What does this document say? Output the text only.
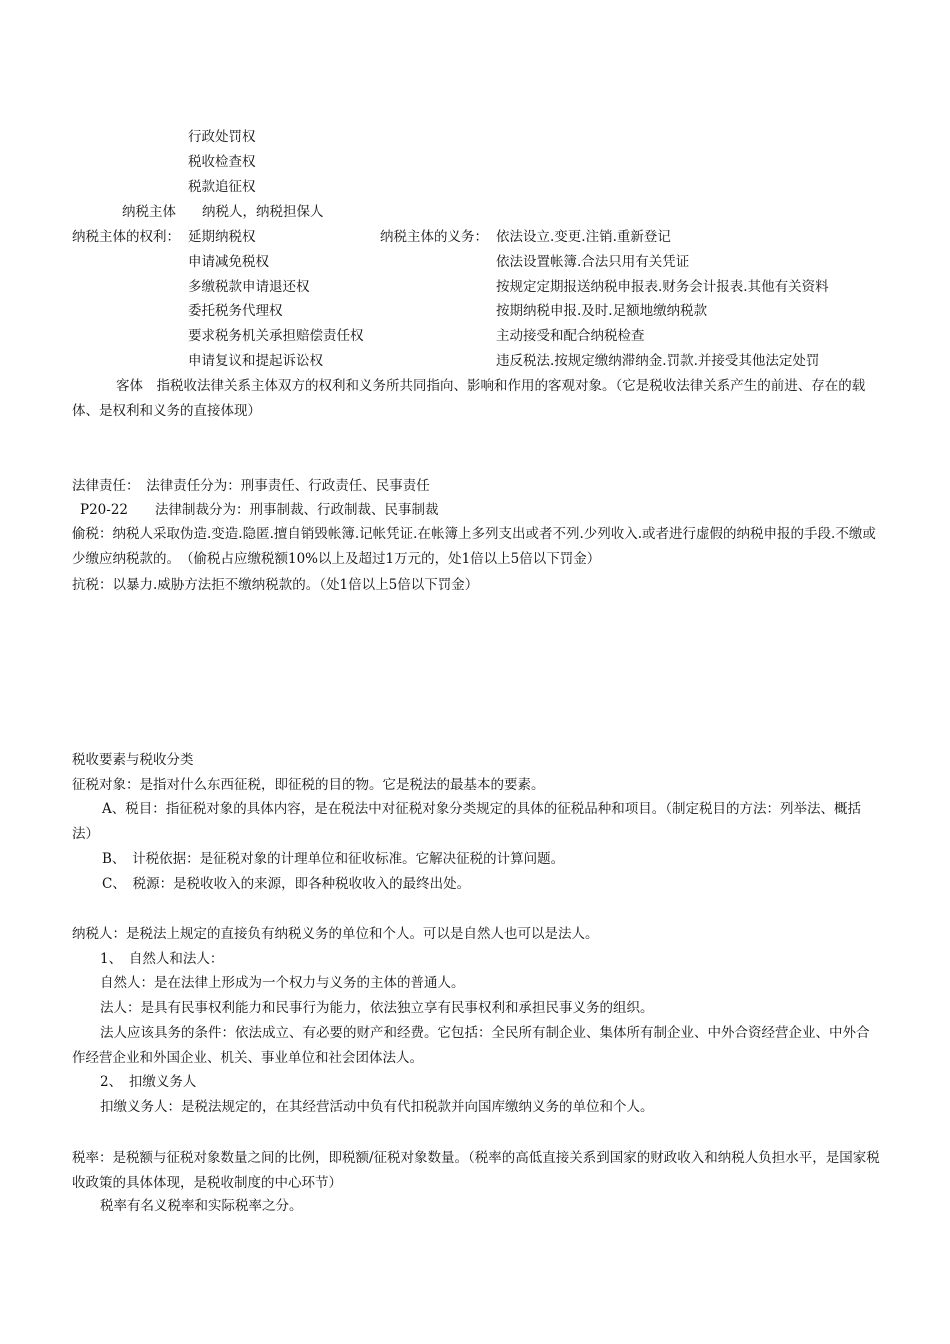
行政处罚权
税收检查权
税款追征权
纳税主体 纳税人，纳税担保人
纳税主体的权利： 延期纳税权
申请减免税权
多缴税款申请退还权
委托税务代理权
要求税务机关承担赔偿责任权
申请复议和提起诉讼权
纳税主体的义务： 依法设立.变更.注销.重新登记
依法设置帐簿.合法只用有关凭证
按规定定期报送纳税申报表.财务会计报表.其他有关资料
按期纳税申报.及时.足额地缴纳税款
主动接受和配合纳税检查
违反税法.按规定缴纳滞纳金.罚款.并接受其他法定处罚
客体　指税收法律关系主体双方的权利和义务所共同指向、影响和作用的客观对象。（它是税收法律关系产生的前进、存在的载体、是权利和义务的直接体现）
法律责任：　法律责任分为：刑事责任、行政责任、民事责任
P20-22　　法律制裁分为：刑事制裁、行政制裁、民事制裁
偷税：纳税人采取伪造.变造.隐匿.擅自销毁帐簿.记帐凭证.在帐簿上多列支出或者不列.少列收入.或者进行虚假的纳税申报的手段.不缴或少缴应纳税款的。　（偷税占应缴税额10%以上及超过1万元的，处1倍以上5倍以下罚金）
抗税：以暴力.威胁方法拒不缴纳税款的。（处1倍以上5倍以下罚金）
税收要素与税收分类
征税对象：是指对什么东西征税，即征税的目的物。它是税法的最基本的要素。
A、税目：指征税对象的具体内容，是在税法中对征税对象分类规定的具体的征税品种和项目。（制定税目的方法：列举法、概括法）
B、　计税依据：是征税对象的计理单位和征收标准。它解决征税的计算问题。
C、　税源：是税收收入的来源，即各种税收收入的最终出处。
纳税人：是税法上规定的直接负有纳税义务的单位和个人。可以是自然人也可以是法人。
1、　自然人和法人：
自然人：是在法律上形成为一个权力与义务的主体的普通人。
法人：是具有民事权利能力和民事行为能力，依法独立享有民事权利和承担民事义务的组织。
法人应该具务的条件：依法成立、有必要的财产和经费。它包括：全民所有制企业、集体所有制企业、中外合资经营企业、中外合作经营企业和外国企业、机关、事业单位和社会团体法人。
2、　扣缴义务人
扣缴义务人：是税法规定的，在其经营活动中负有代扣税款并向国库缴纳义务的单位和个人。
税率：是税额与征税对象数量之间的比例，即税额/征税对象数量。（税率的高低直接关系到国家的财政收入和纳税人负担水平，是国家税收政策的具体体现，是税收制度的中心环节）
税率有名义税率和实际税率之分。
